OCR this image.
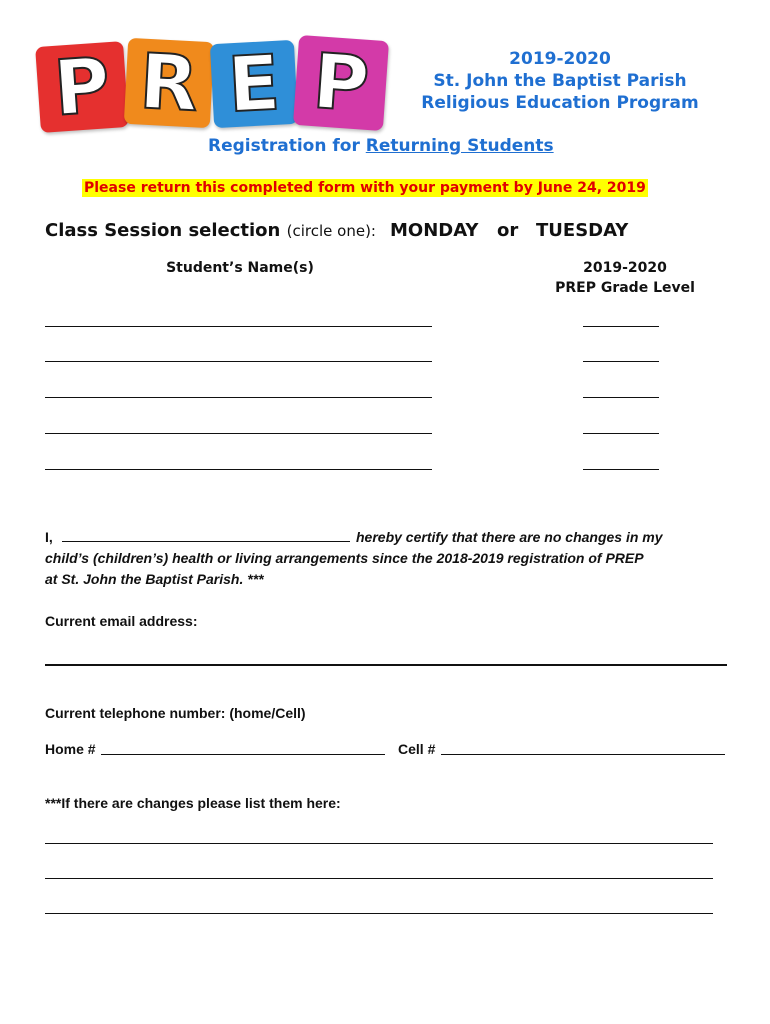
P R E P	2019-2020
St. John the Baptist Parish
Religious Education Program
Registration for Returning Students
Please return this completed form with your payment by June 24, 2019
Class Session selection (circle one): MONDAY or TUESDAY
Student’s Name(s)	2019-2020
PREP Grade Level
I,	hereby certify that there are no changes in my
child’s (children’s) health or living arrangements since the 2018-2019 registration of PREP
at St. John the Baptist Parish. ***
Current email address:
Current telephone number: (home/Cell)
Home #	Cell #
***If there are changes please list them here:
